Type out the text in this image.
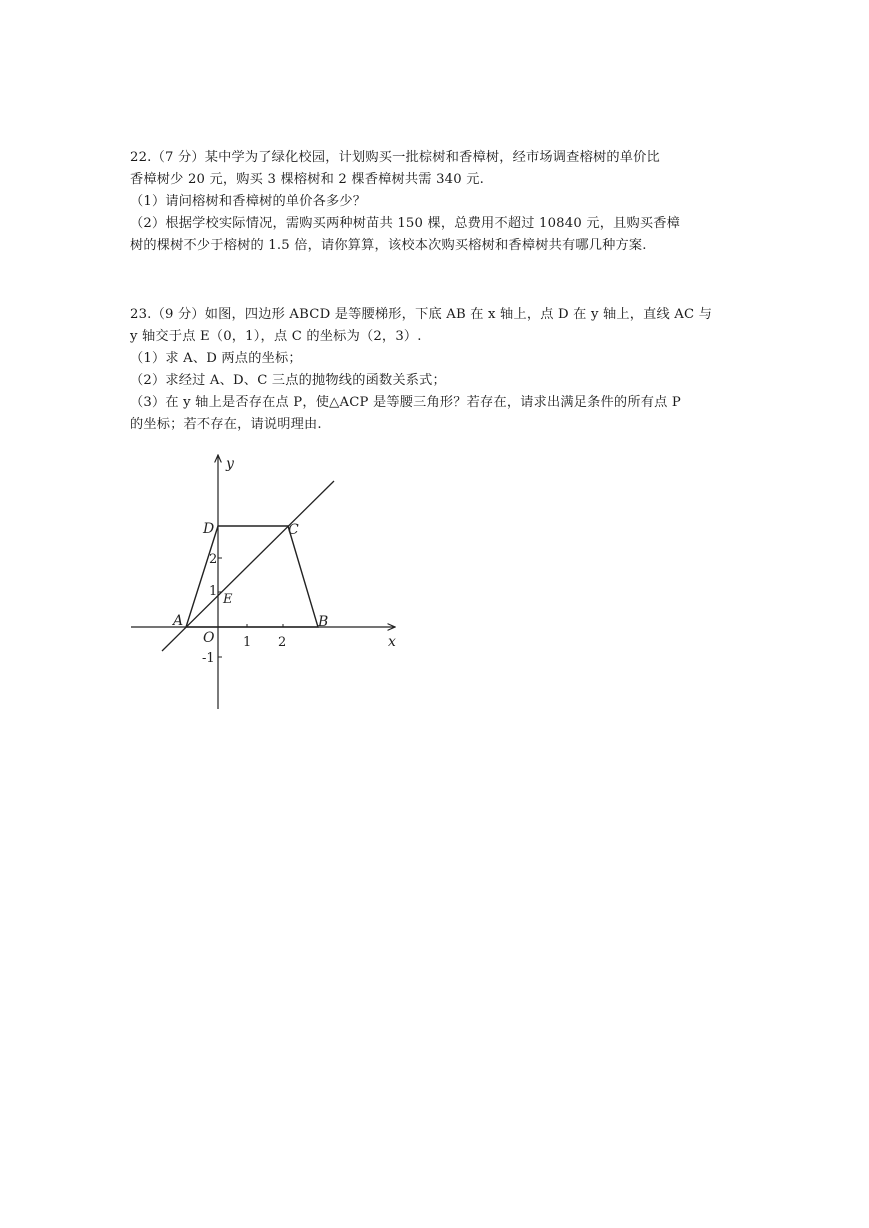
22.（7 分）某中学为了绿化校园，计划购买一批棕树和香樟树，经市场调查榕树的单价比
香樟树少 20 元，购买 3 棵榕树和 2 棵香樟树共需 340 元.
（1）请问榕树和香樟树的单价各多少？
（2）根据学校实际情况，需购买两种树苗共 150 棵，总费用不超过 10840 元，且购买香樟
树的棵树不少于榕树的 1.5 倍，请你算算，该校本次购买榕树和香樟树共有哪几种方案.
23.（9 分）如图，四边形 ABCD 是等腰梯形，下底 AB 在 x 轴上，点 D 在 y 轴上，直线 AC 与
y 轴交于点 E（0，1），点 C 的坐标为（2，3）.
（1）求 A、D 两点的坐标；
（2）求经过 A、D、C 三点的抛物线的函数关系式；
（3）在 y 轴上是否存在点 P，使△ACP 是等腰三角形？若存在，请求出满足条件的所有点 P
的坐标；若不存在，请说明理由.
y
x
D	C
A	B
E
O 1 2
1
2
-1
